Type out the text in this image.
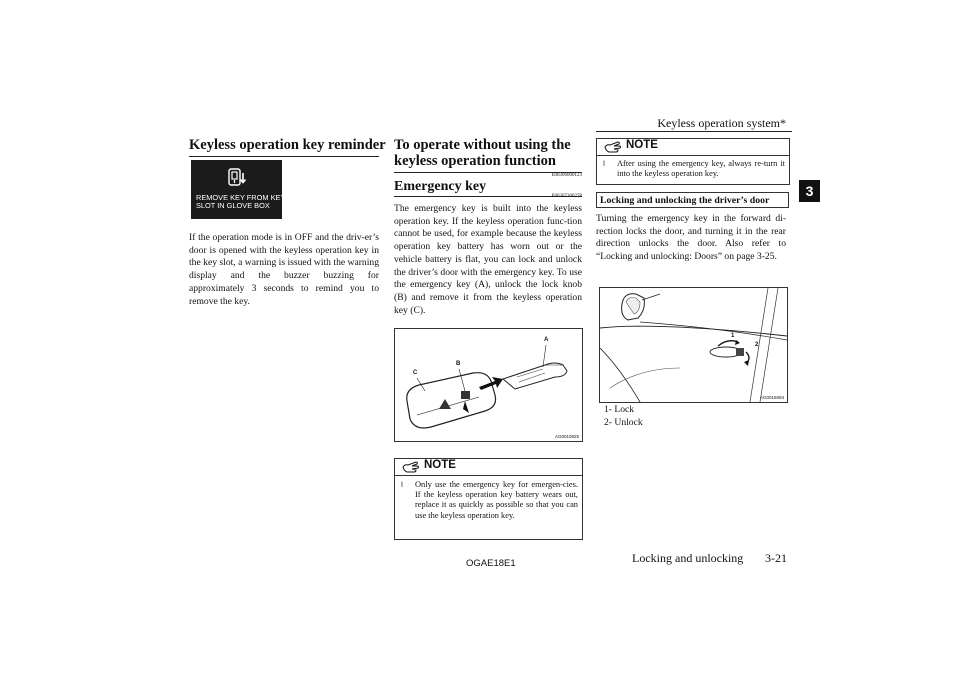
Keyless operation system*
3
Keyless operation key reminder
REMOVE KEY FROM KEY
SLOT IN GLOVE BOX
If the operation mode is in OFF and the driv-er’s door is opened with the keyless operation key in the key slot, a warning is issued with the warning display and the buzzer buzzing for approximately 3 seconds to remind you to remove the key.
To operate without using the keyless operation function
E00306000123
Emergency key
E00307200278
The emergency key is built into the keyless operation key. If the keyless operation func-tion cannot be used, for example because the keyless operation key battery has worn out or the vehicle battery is flat, you can lock and unlock the driver’s door with the emergency key. To use the emergency key (A), unlock the lock knob (B) and remove it from the keyless operation key (C).
A
B
C
AG0010825
NOTE
l Only use the emergency key for emergen-cies. If the keyless operation key battery wears out, replace it as quickly as possible so that you can use the keyless operation key.
NOTE
l After using the emergency key, always re-turn it into the keyless operation key.
Locking and unlocking the driver’s door
Turning the emergency key in the forward di-rection locks the door, and turning it in the rear direction unlocks the door. Also refer to “Locking and unlocking: Doors” on page 3-25.
1
2
AG0016694
1- Lock
2- Unlock
OGAE18E1	Locking and unlocking 3-21
